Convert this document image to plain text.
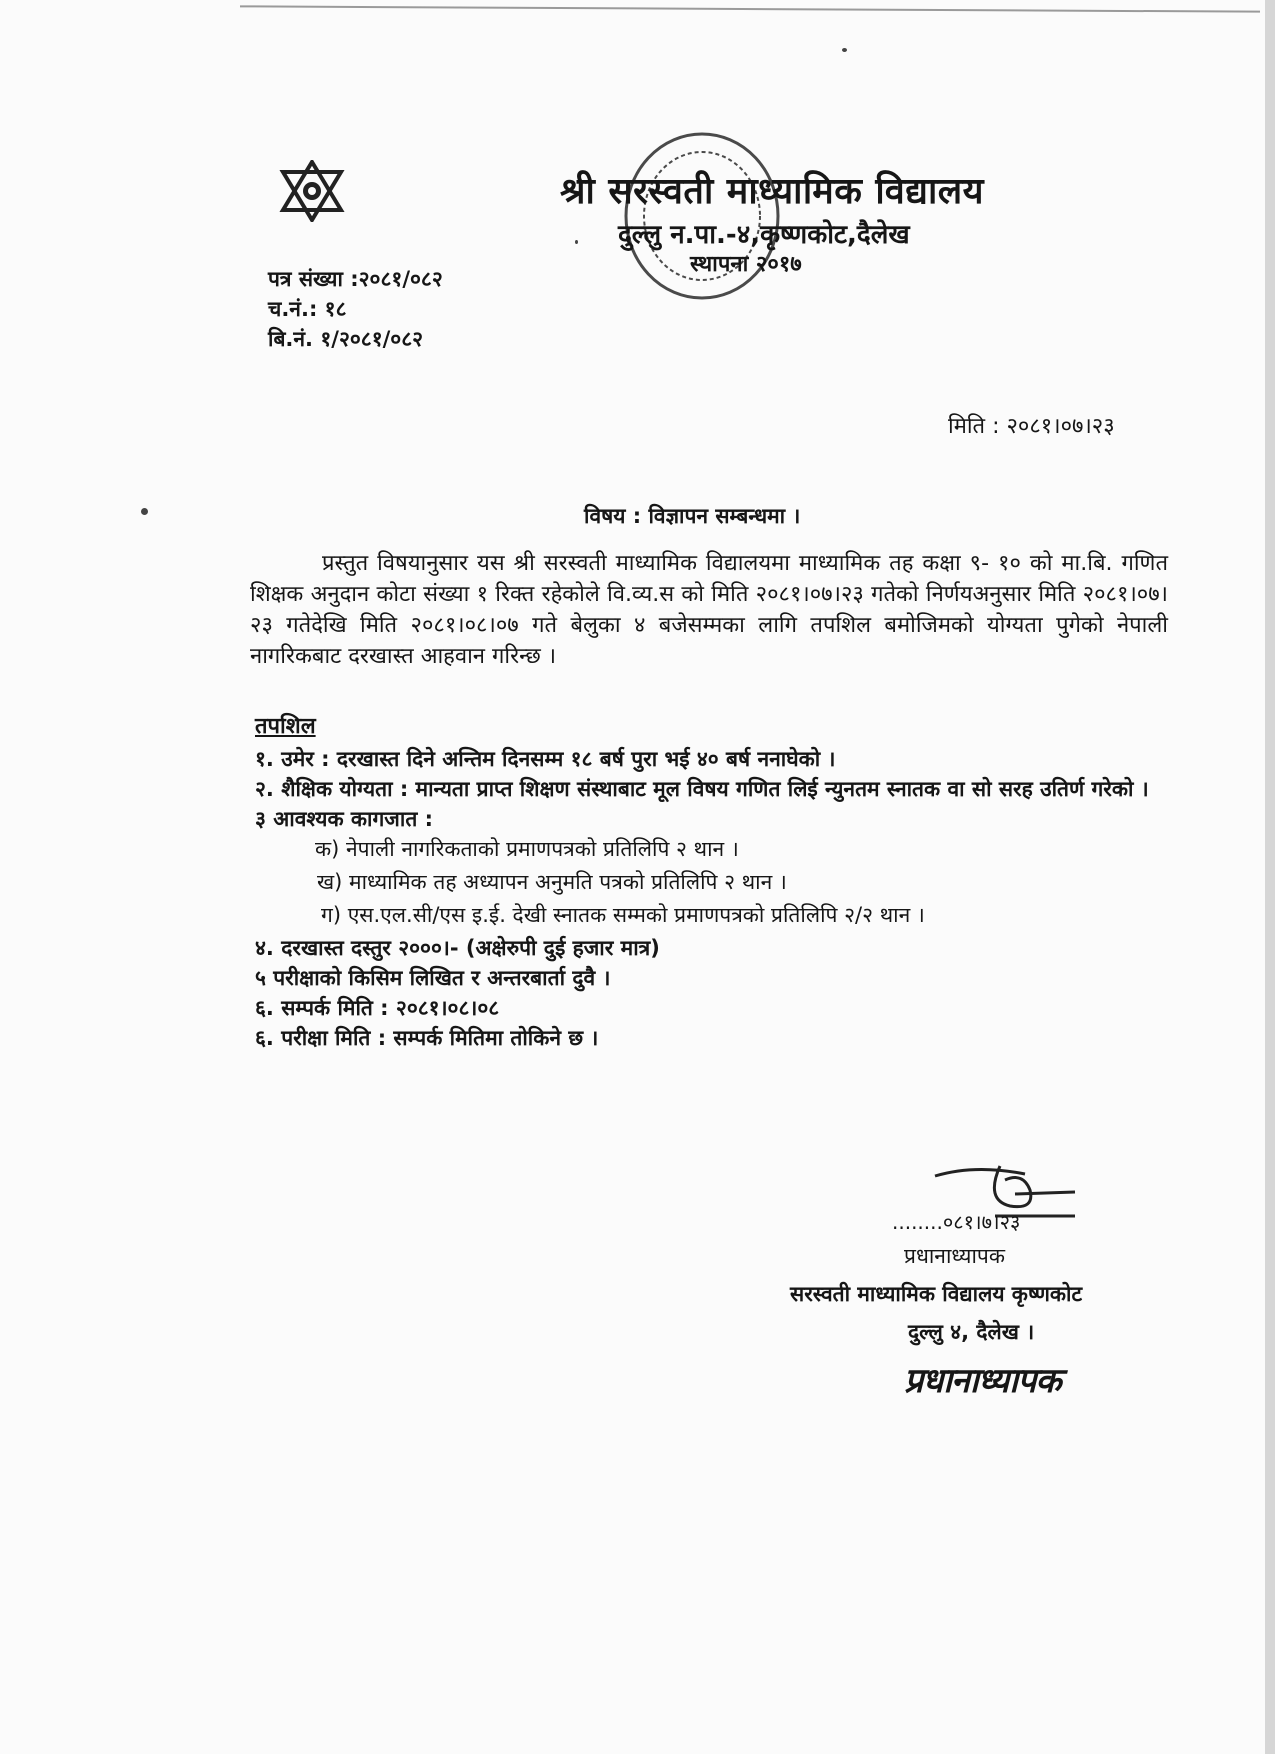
श्री सरस्वती माध्यामिक विद्यालय
दुल्लु न.पा.-४,कृष्णकोट,दैलेख
स्थापना २०१७
पत्र संख्या :२०८१/०८२
च.नं.: १८
बि.नं. १/२०८१/०८२
मिति : २०८१।०७।२३
विषय : विज्ञापन सम्बन्धमा ।

प्रस्तुत विषयानुसार यस श्री सरस्वती माध्यामिक विद्यालयमा माध्यामिक तह कक्षा ९- १० को मा.बि. गणित शिक्षक अनुदान कोटा संख्या १ रिक्त रहेकोले वि.व्य.स को मिति २०८१।०७।२३ गतेको निर्णयअनुसार मिति २०८१।०७।२३ गतेदेखि मिति २०८१।०८।०७ गते बेलुका ४ बजेसम्मका लागि तपशिल बमोजिमको योग्यता पुगेको नेपाली नागरिकबाट दरखास्त आहवान गरिन्छ ।

तपशिल
१. उमेर : दरखास्त दिने अन्तिम दिनसम्म १८ बर्ष पुरा भई ४० बर्ष ननाघेको ।
२. शैक्षिक योग्यता : मान्यता प्राप्त शिक्षण संस्थाबाट मूल विषय गणित लिई न्युनतम स्नातक वा सो सरह उतिर्ण गरेको ।
३ आवश्यक कागजात :
क) नेपाली नागरिकताको प्रमाणपत्रको प्रतिलिपि २ थान ।
ख) माध्यामिक तह अध्यापन अनुमति पत्रको प्रतिलिपि २ थान ।
ग) एस.एल.सी/एस इ.ई. देखी स्नातक सम्मको प्रमाणपत्रको प्रतिलिपि २/२ थान ।
४. दरखास्त दस्तुर २०००।- (अक्षेरुपी दुई हजार मात्र)
५ परीक्षाको किसिम लिखित र अन्तरबार्ता दुवै ।
६. सम्पर्क मिति : २०८१।०८।०८
६. परीक्षा मिति : सम्पर्क मितिमा तोकिने छ ।
........०८१।७।२३
प्रधानाध्यापक
सरस्वती माध्यामिक विद्यालय कृष्णकोट
दुल्लु ४, दैलेख ।
प्रधानाध्यापक
